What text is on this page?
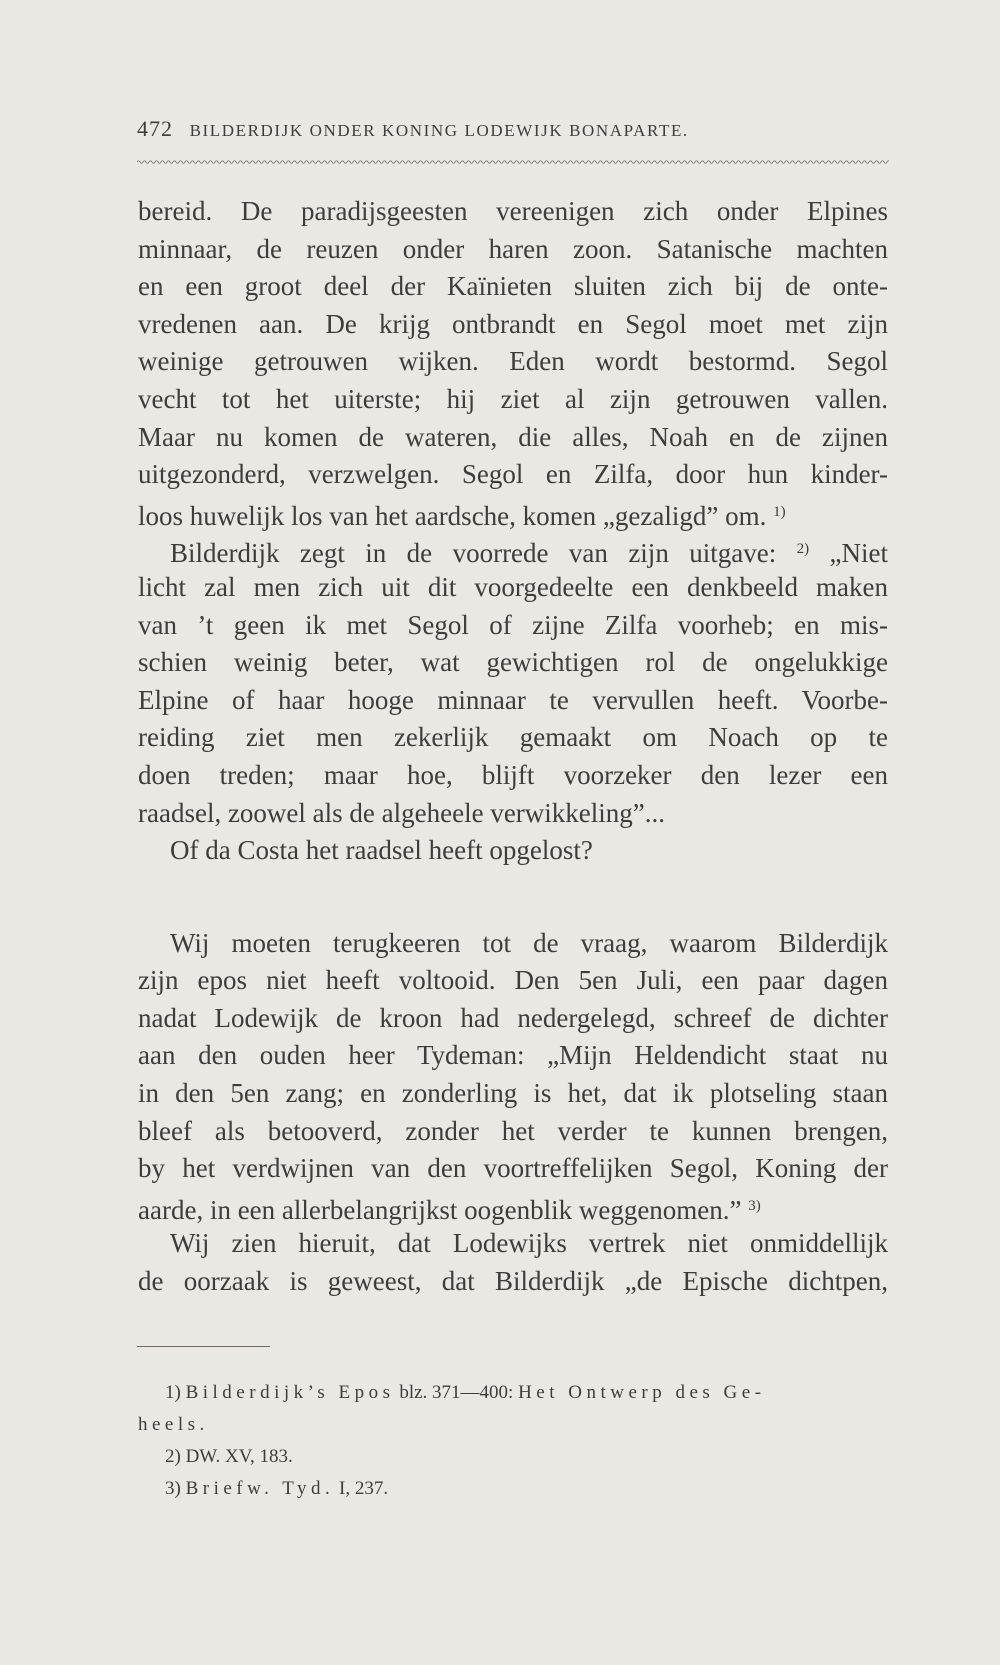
472 BILDERDIJK ONDER KONING LODEWIJK BONAPARTE.
bereid. De paradijsgeesten vereenigen zich onder Elpines
minnaar, de reuzen onder haren zoon. Satanische machten
en een groot deel der Kaïnieten sluiten zich bij de onte-
vredenen aan. De krijg ontbrandt en Segol moet met zijn
weinige getrouwen wijken. Eden wordt bestormd. Segol
vecht tot het uiterste; hij ziet al zijn getrouwen vallen.
Maar nu komen de wateren, die alles, Noah en de zijnen
uitgezonderd, verzwelgen. Segol en Zilfa, door hun kinder-
loos huwelijk los van het aardsche, komen „gezaligd” om. $^{1)}$
Bilderdijk zegt in de voorrede van zijn uitgave: $^{2)}$ „Niet
licht zal men zich uit dit voorgedeelte een denkbeeld maken
van ’t geen ik met Segol of zijne Zilfa voorheb; en mis-
schien weinig beter, wat gewichtigen rol de ongelukkige
Elpine of haar hooge minnaar te vervullen heeft. Voorbe-
reiding ziet men zekerlijk gemaakt om Noach op te
doen treden; maar hoe, blijft voorzeker den lezer een
raadsel, zoowel als de algeheele verwikkeling”...
Of da Costa het raadsel heeft opgelost?
Wij moeten terugkeeren tot de vraag, waarom Bilderdijk
zijn epos niet heeft voltooid. Den 5en Juli, een paar dagen
nadat Lodewijk de kroon had nedergelegd, schreef de dichter
aan den ouden heer Tydeman: „Mijn Heldendicht staat nu
in den 5en zang; en zonderling is het, dat ik plotseling staan
bleef als betooverd, zonder het verder te kunnen brengen,
by het verdwijnen van den voortreffelijken Segol, Koning der
aarde, in een allerbelangrijkst oogenblik weggenomen.” $^{3)}$
Wij zien hieruit, dat Lodewijks vertrek niet onmiddellijk
de oorzaak is geweest, dat Bilderdijk „de Epische dichtpen,
1) Bilderdijk’s Epos blz. 371—400: Het Ontwerp des Ge-
heels.
2) DW. XV, 183.
3) Briefw. Tyd. I, 237.
